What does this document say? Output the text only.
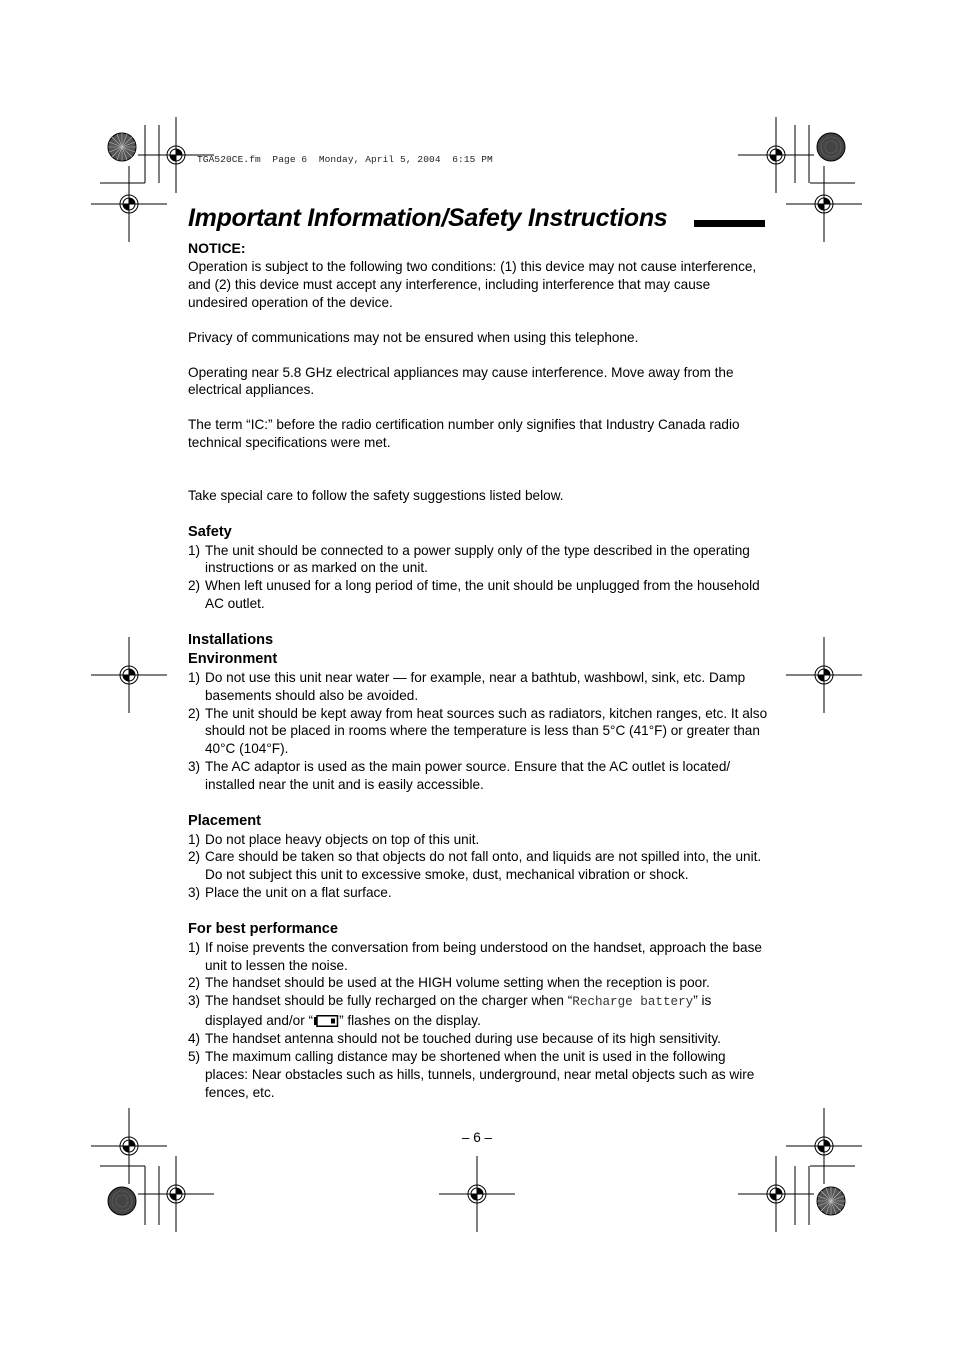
TGA520CE.fm  Page 6  Monday, April 5, 2004  6:15 PM
Important Information/Safety Instructions

NOTICE:

Operation is subject to the following two conditions: (1) this device may not cause interference, and (2) this device must accept any interference, including interference that may cause undesired operation of the device.

Privacy of communications may not be ensured when using this telephone.

Operating near 5.8 GHz electrical appliances may cause interference. Move away from the electrical appliances.

The term “IC:” before the radio certification number only signifies that Industry Canada radio technical specifications were met.

Take special care to follow the safety suggestions listed below.

Safety

1) The unit should be connected to a power supply only of the type described in the operating instructions or as marked on the unit.
2) When left unused for a long period of time, the unit should be unplugged from the household AC outlet.

Installations

Environment

1) Do not use this unit near water — for example, near a bathtub, washbowl, sink, etc. Damp basements should also be avoided.
2) The unit should be kept away from heat sources such as radiators, kitchen ranges, etc. It also should not be placed in rooms where the temperature is less than 5°C (41°F) or greater than 40°C (104°F).
3) The AC adaptor is used as the main power source. Ensure that the AC outlet is located/ installed near the unit and is easily accessible.

Placement

1) Do not place heavy objects on top of this unit.
2) Care should be taken so that objects do not fall onto, and liquids are not spilled into, the unit. Do not subject this unit to excessive smoke, dust, mechanical vibration or shock.
3) Place the unit on a flat surface.

For best performance

1) If noise prevents the conversation from being understood on the handset, approach the base unit to lessen the noise.
2) The handset should be used at the HIGH volume setting when the reception is poor.
3) The handset should be fully recharged on the charger when “Recharge battery” is displayed and/or “ ” flashes on the display.
4) The handset antenna should not be touched during use because of its high sensitivity.
5) The maximum calling distance may be shortened when the unit is used in the following places: Near obstacles such as hills, tunnels, underground, near metal objects such as wire fences, etc.
– 6 –
